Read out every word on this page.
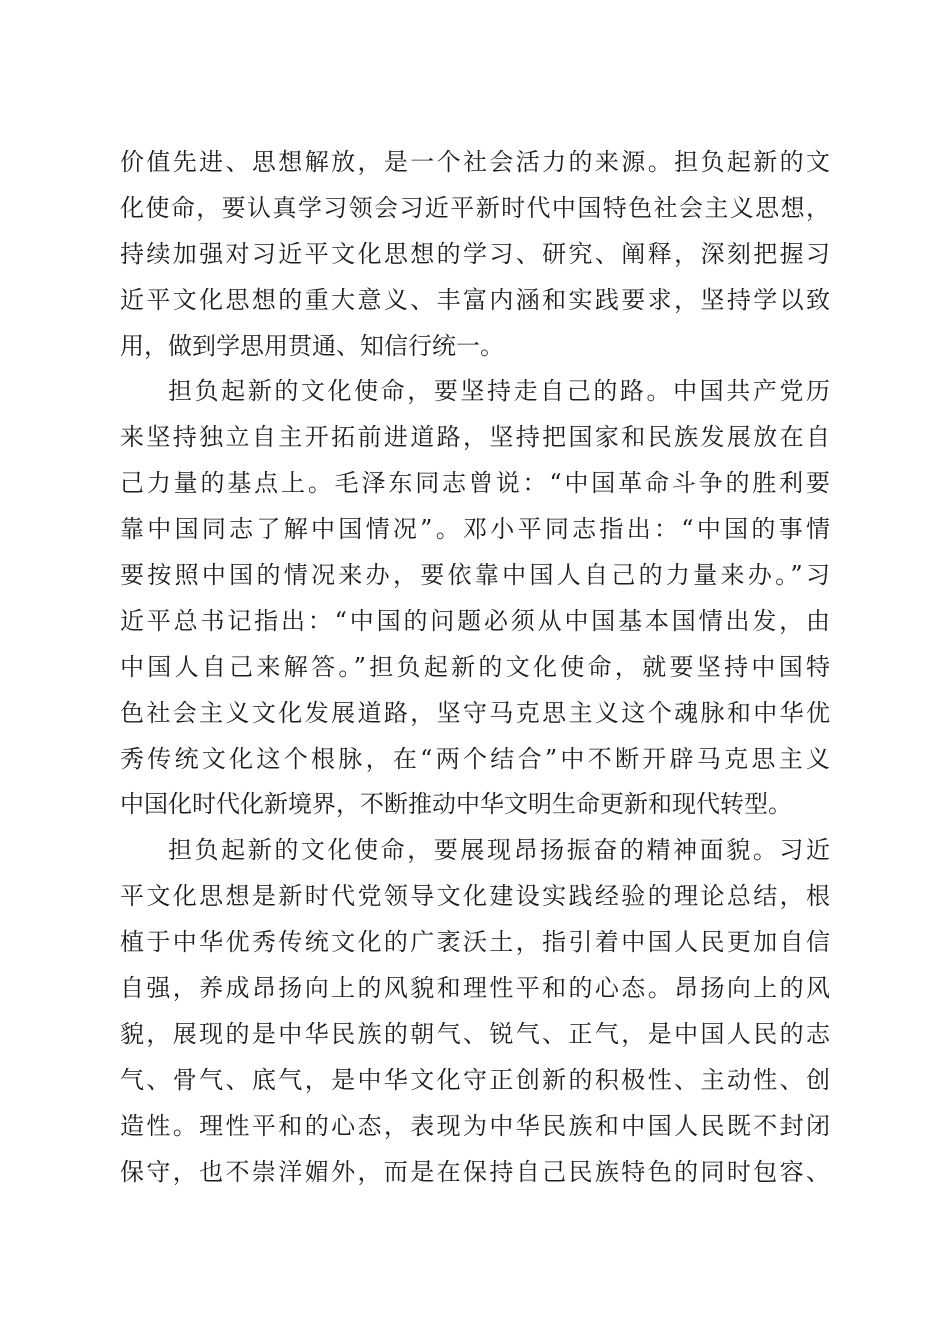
价值先进、思想解放，是一个社会活力的来源。担负起新的文
化使命，要认真学习领会习近平新时代中国特色社会主义思想，
持续加强对习近平文化思想的学习、研究、阐释，深刻把握习
近平文化思想的重大意义、丰富内涵和实践要求，坚持学以致
用，做到学思用贯通、知信行统一。
担负起新的文化使命，要坚持走自己的路。中国共产党历
来坚持独立自主开拓前进道路，坚持把国家和民族发展放在自
己力量的基点上。毛泽东同志曾说：“中国革命斗争的胜利要
靠中国同志了解中国情况”。邓小平同志指出：“中国的事情
要按照中国的情况来办，要依靠中国人自己的力量来办。”习
近平总书记指出：“中国的问题必须从中国基本国情出发，由
中国人自己来解答。”担负起新的文化使命，就要坚持中国特
色社会主义文化发展道路，坚守马克思主义这个魂脉和中华优
秀传统文化这个根脉，在“两个结合”中不断开辟马克思主义
中国化时代化新境界，不断推动中华文明生命更新和现代转型。
担负起新的文化使命，要展现昂扬振奋的精神面貌。习近
平文化思想是新时代党领导文化建设实践经验的理论总结，根
植于中华优秀传统文化的广袤沃土，指引着中国人民更加自信
自强，养成昂扬向上的风貌和理性平和的心态。昂扬向上的风
貌，展现的是中华民族的朝气、锐气、正气，是中国人民的志
气、骨气、底气，是中华文化守正创新的积极性、主动性、创
造性。理性平和的心态，表现为中华民族和中国人民既不封闭
保守，也不崇洋媚外，而是在保持自己民族特色的同时包容、
